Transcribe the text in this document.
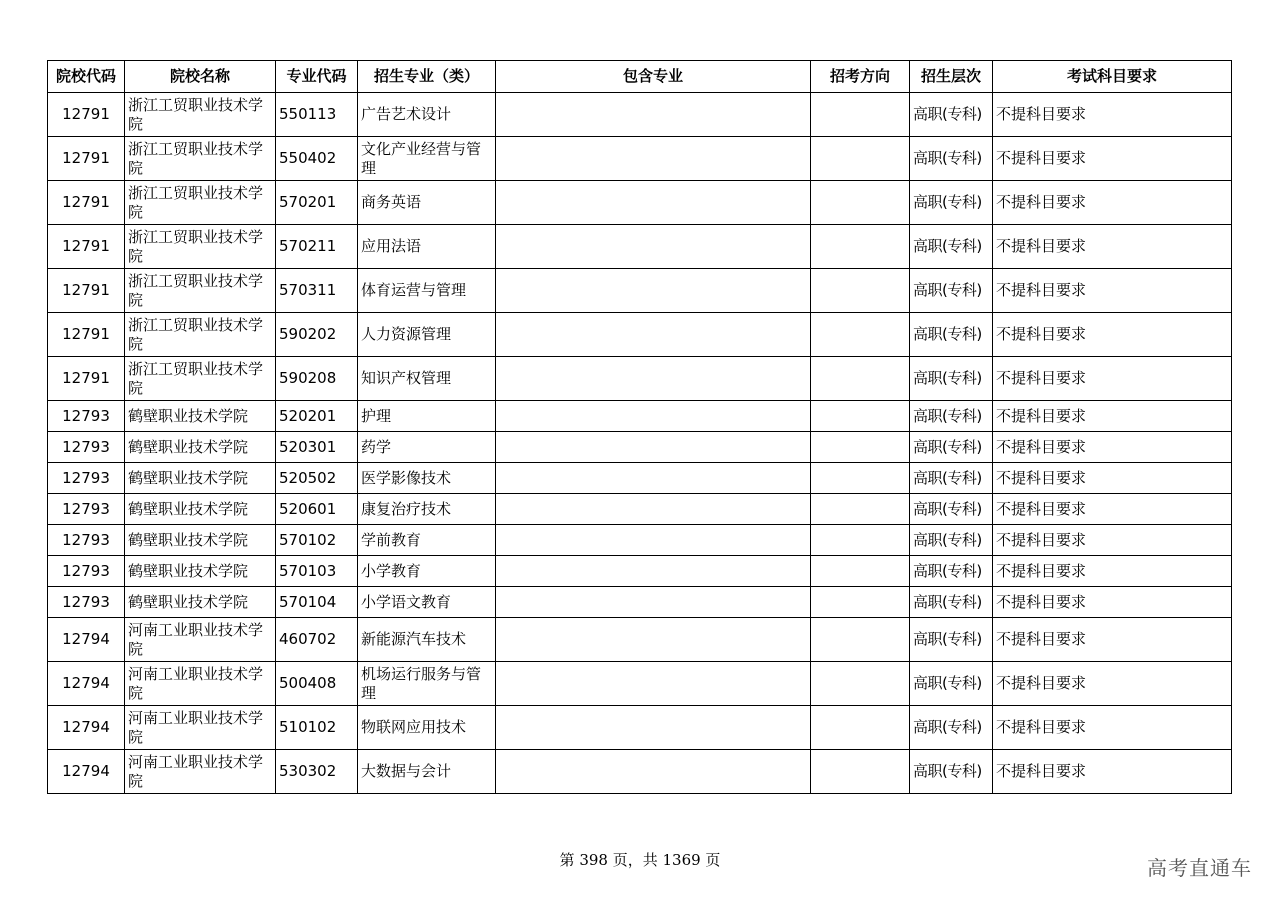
院校代码	院校名称	专业代码	招生专业（类）	包含专业	招考方向	招生层次	考试科目要求
12791	浙江工贸职业技术学院	550113	广告艺术设计			高职(专科)	不提科目要求
12791	浙江工贸职业技术学院	550402	文化产业经营与管理			高职(专科)	不提科目要求
12791	浙江工贸职业技术学院	570201	商务英语			高职(专科)	不提科目要求
12791	浙江工贸职业技术学院	570211	应用法语			高职(专科)	不提科目要求
12791	浙江工贸职业技术学院	570311	体育运营与管理			高职(专科)	不提科目要求
12791	浙江工贸职业技术学院	590202	人力资源管理			高职(专科)	不提科目要求
12791	浙江工贸职业技术学院	590208	知识产权管理			高职(专科)	不提科目要求
12793	鹤壁职业技术学院	520201	护理			高职(专科)	不提科目要求
12793	鹤壁职业技术学院	520301	药学			高职(专科)	不提科目要求
12793	鹤壁职业技术学院	520502	医学影像技术			高职(专科)	不提科目要求
12793	鹤壁职业技术学院	520601	康复治疗技术			高职(专科)	不提科目要求
12793	鹤壁职业技术学院	570102	学前教育			高职(专科)	不提科目要求
12793	鹤壁职业技术学院	570103	小学教育			高职(专科)	不提科目要求
12793	鹤壁职业技术学院	570104	小学语文教育			高职(专科)	不提科目要求
12794	河南工业职业技术学院	460702	新能源汽车技术			高职(专科)	不提科目要求
12794	河南工业职业技术学院	500408	机场运行服务与管理			高职(专科)	不提科目要求
12794	河南工业职业技术学院	510102	物联网应用技术			高职(专科)	不提科目要求
12794	河南工业职业技术学院	530302	大数据与会计			高职(专科)	不提科目要求
第 398 页，共 1369 页	高考直通车
